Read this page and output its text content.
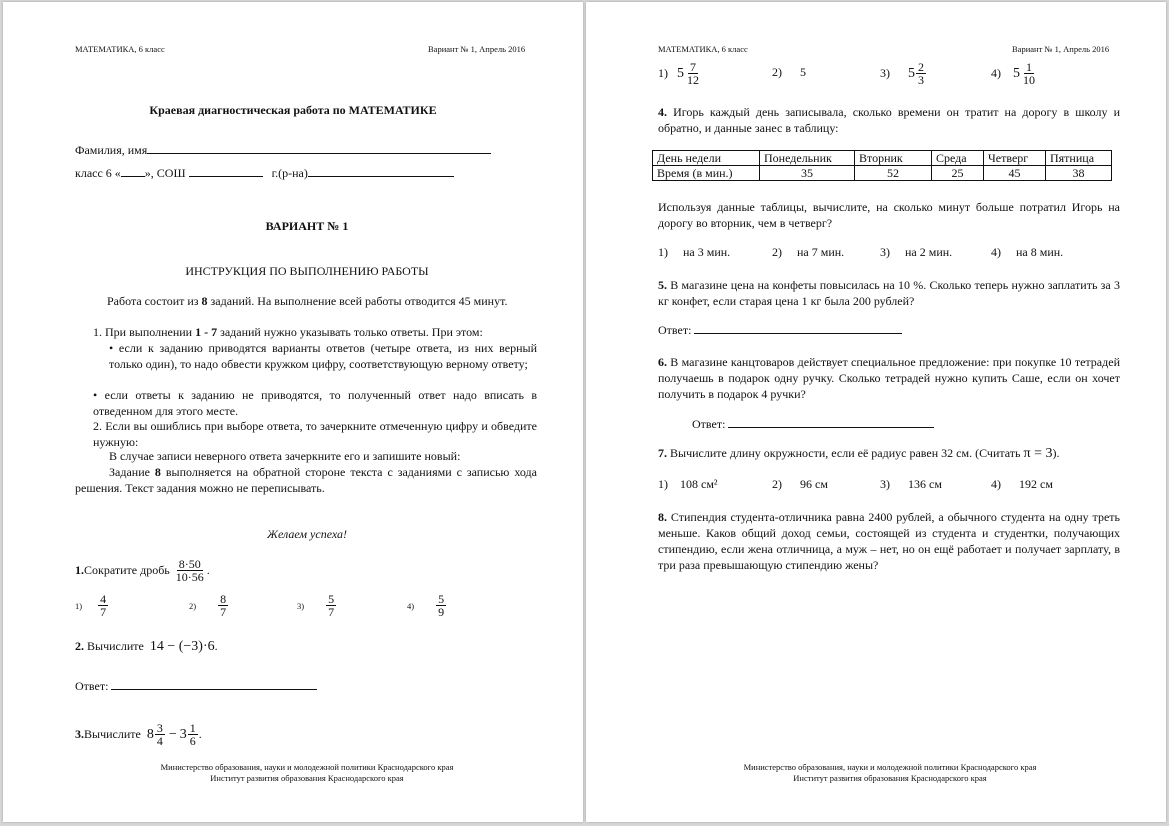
МАТЕМАТИКА, 6 класс	Вариант № 1, Апрель 2016
Краевая диагностическая работа по МАТЕМАТИКЕ
Фамилия, имя
класс 6 « », СОШ	г.(р-на)
ВАРИАНТ № 1
ИНСТРУКЦИЯ ПО ВЫПОЛНЕНИЮ РАБОТЫ
Работа состоит из 8 заданий. На выполнение всей работы отводится 45 минут.
1. При выполнении 1 - 7 заданий нужно указывать только ответы. При этом:
• если к заданию приводятся варианты ответов (четыре ответа, из них верный только один), то надо обвести кружком цифру, соответствующую верному ответу;
• если ответы к заданию не приводятся, то полученный ответ надо вписать в отведенном для этого месте.
2. Если вы ошиблись при выборе ответа, то зачеркните отмеченную цифру и обведите нужную:
В случае записи неверного ответа зачеркните его и запишите новый:
Задание 8 выполняется на обратной стороне текста с заданиями с записью хода решения. Текст задания можно не переписывать.
Желаем успеха!
1. Сократите дробь
$\frac{8\cdot 50}{10\cdot 56}$ .
1)
$\frac{4}{7}$	2)
$\frac{8}{7}$	3)
$\frac{5}{7}$	4)
$\frac{5}{9}$
2. Вычислите 14 − (−3)·6.
Ответ:
3. Вычислите
$8 \frac{3}{4} - 3 \frac{1}{6}$ .
Министерство образования, науки и молодежной политики Краснодарского края
Институт развития образования Краснодарского края
МАТЕМАТИКА, 6 класс	Вариант № 1, Апрель 2016
1)
$5 \frac{7}{12}$	2) 5	3)
$5 \frac{2}{3}$	4)
$5 \frac{1}{10}$
4. Игорь каждый день записывала, сколько времени он тратит на дорогу в школу и обратно, и данные занес в таблицу:
День недели	Понедельник	Вторник	Среда	Четверг	Пятница
Время (в мин.)	35	52	25	45	38
Используя данные таблицы, вычислите, на сколько минут больше потратил Игорь на дорогу во вторник, чем в четверг?
1) на 3 мин.	2) на 7 мин.	3) на 2 мин.	4) на 8 мин.
5. В магазине цена на конфеты повысилась на 10 %. Сколько теперь нужно заплатить за 3 кг конфет, если старая цена 1 кг была 200 рублей?
Ответ:
6. В магазине канцтоваров действует специальное предложение: при покупке 10 тетрадей получаешь в подарок одну ручку. Сколько тетрадей нужно купить Саше, если он хочет получить в подарок 4 ручки?
Ответ:
7. Вычислите длину окружности, если её радиус равен 32 см. (Считать π = 3).
1) 108 см²	2) 96 см	3) 136 см	4) 192 см
8. Стипендия студента-отличника равна 2400 рублей, а обычного студента на одну треть меньше. Каков общий доход семьи, состоящей из студента и студентки, получающих стипендию, если жена отличница, а муж – нет, но он ещё работает и получает зарплату, в три раза превышающую стипендию жены?
Министерство образования, науки и молодежной политики Краснодарского края
Институт развития образования Краснодарского края
